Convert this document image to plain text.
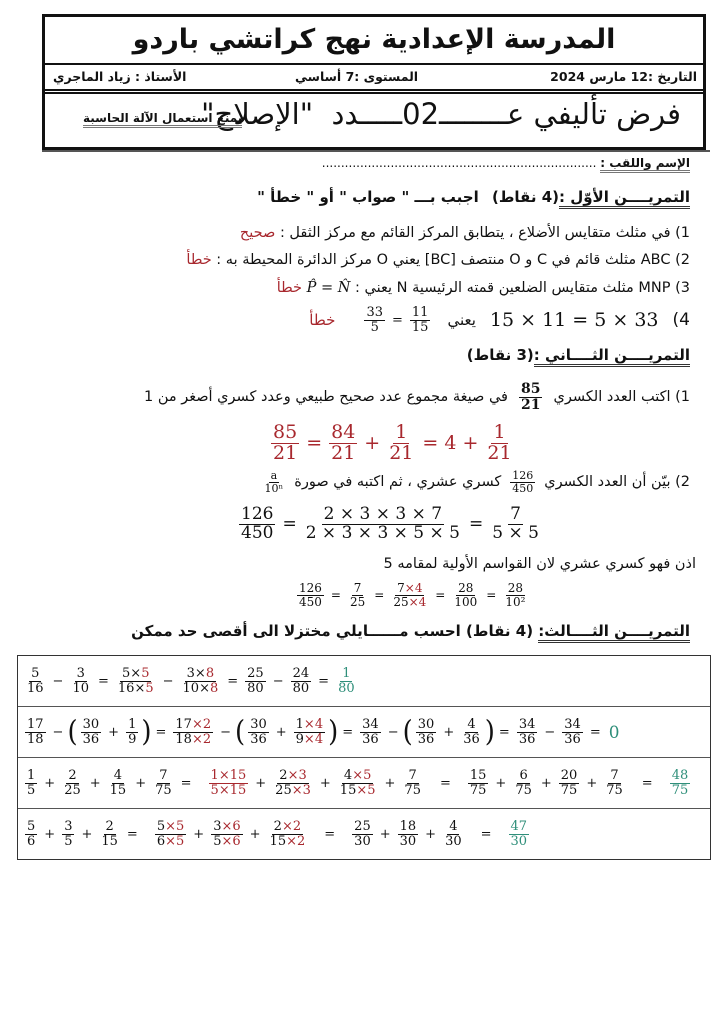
المدرسة الإعدادية نهج كراتشي باردو
التاريخ :12 مارس 2024
المستوى :7 أساسي
الأستاذ : زياد الماجري
فرض تأليفي عــــــــ02ـــــدد  "الإصلاح"
يمنع استعمال الآلة الحاسبة
الإسم واللقب : ........................................................................
التمريــــن الأوّل :(4 نقاط) اجبب بـــ " صواب " أو " خطأ "
1) في مثلث متقايس الأضلاع ، يتطابق المركز القائم مع مركز الثقل : صحيح
2) ABC مثلث قائم في C و O منتصف [BC] يعني O مركز الدائرة المحيطة به : خطأ
3) MNP مثلث متقايس الضلعين قمته الرئيسية N يعني : P̂ = N̂ خطأ
4)
15 × 11 = 5 × 33
يعني
$\frac{33}{5} = \frac{11}{15}$
خطأ
التمريــــن الثــــاني :(3 نقاط)
1) اكتب العدد الكسري
$\frac{85}{21}$
في صيغة مجموع عدد صحيح طبيعي وعدد كسري أصغر من 1
$\frac{85}{21} = \frac{84}{21} + \frac{1}{21} = 4 + \frac{1}{21}$
2) بيّن أن العدد الكسري
$\frac{126}{450}$
كسري عشري ، ثم اكتبه في صورة
$\frac{a}{\text{10ⁿ}}$
$\frac{126}{450} = \frac{2 \times 3 \times 3 \times 7}{2 \times 3 \times 3 \times 5 \times 5} = \frac{7}{5 \times 5}$
اذن فهو كسري عشري لان القواسم الأولية لمقامه 5
$\frac{126}{450} = \frac{7}{25} = \frac{7\times 4}{25\times 4} = \frac{28}{100} = \frac{28}{\text{10²}}$
التمريــــن الثــــالث: (4 نقاط) احسب مــــــايلي مختزلا الى أقصى حد ممكن
$\frac{5}{16} - \frac{3}{10} = \frac{5\times 5}{16\times 5} - \frac{3\times 8}{10\times 8} = \frac{25}{80} - \frac{24}{80} = \frac{1}{80}$
$\frac{17}{18}$ − ( $\frac{30}{36} + \frac{1}{9}$ ) = $\frac{17\times 2}{18\times 2}$ − ( $\frac{30}{36} + \frac{1\times 4}{9\times 4}$ ) = $\frac{34}{36}$ − ( $\frac{30}{36} + \frac{4}{36}$ ) = $\frac{34}{36} - \frac{34}{36} = 0$
$\frac{1}{5} + \frac{2}{25} + \frac{4}{15} + \frac{7}{75} = \frac{1\times 15}{5\times 15} + \frac{2\times 3}{25\times 3} + \frac{4\times 5}{15\times 5} + \frac{7}{75} = \frac{15}{75} + \frac{6}{75} + \frac{20}{75} + \frac{7}{75} = \frac{48}{75}$
$\frac{5}{6} + \frac{3}{5} + \frac{2}{15} = \frac{5\times 5}{6\times 5} + \frac{3\times 6}{5\times 6} + \frac{2\times 2}{15\times 2} = \frac{25}{30} + \frac{18}{30} + \frac{4}{30} = \frac{47}{30}$
